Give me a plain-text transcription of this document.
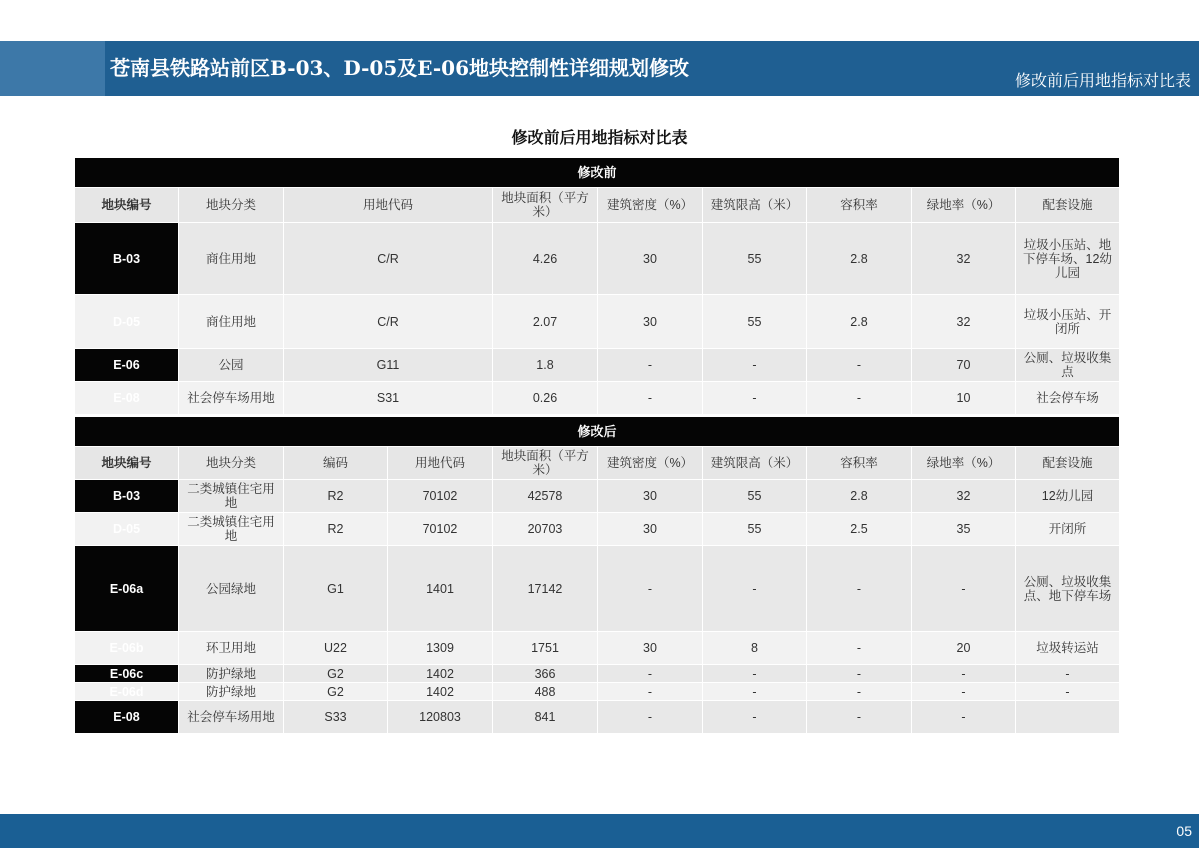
苍南县铁路站前区B-03、D-05及E-06地块控制性详细规划修改
修改前后用地指标对比表
修改前后用地指标对比表
修改前								
地块编号	地块分类	用地代码	地块面积（平方米）	建筑密度（%）	建筑限高（米）	容积率	绿地率（%）	配套设施
B-03	商住用地	C/R	4.26	30	55	2.8	32	垃圾小压站、地下停车场、12幼儿园
D-05	商住用地	C/R	2.07	30	55	2.8	32	垃圾小压站、开闭所
E-06	公园	G11	1.8	-	-	-	70	公厕、垃圾收集点
E-08	社会停车场用地	S31	0.26	-	-	-	10	社会停车场
修改后									
地块编号	地块分类	编码	用地代码	地块面积（平方米）	建筑密度（%）	建筑限高（米）	容积率	绿地率（%）	配套设施
B-03	二类城镇住宅用地	R2	70102	42578	30	55	2.8	32	12幼儿园
D-05	二类城镇住宅用地	R2	70102	20703	30	55	2.5	35	开闭所
E-06a	公园绿地	G1	1401	17142	-	-	-	-	公厕、垃圾收集点、地下停车场
E-06b	环卫用地	U22	1309	1751	30	8	-	20	垃圾转运站
E-06c	防护绿地	G2	1402	366	-	-	-	-	-
E-06d	防护绿地	G2	1402	488	-	-	-	-	-
E-08	社会停车场用地	S33	120803	841	-	-	-	-	
05
